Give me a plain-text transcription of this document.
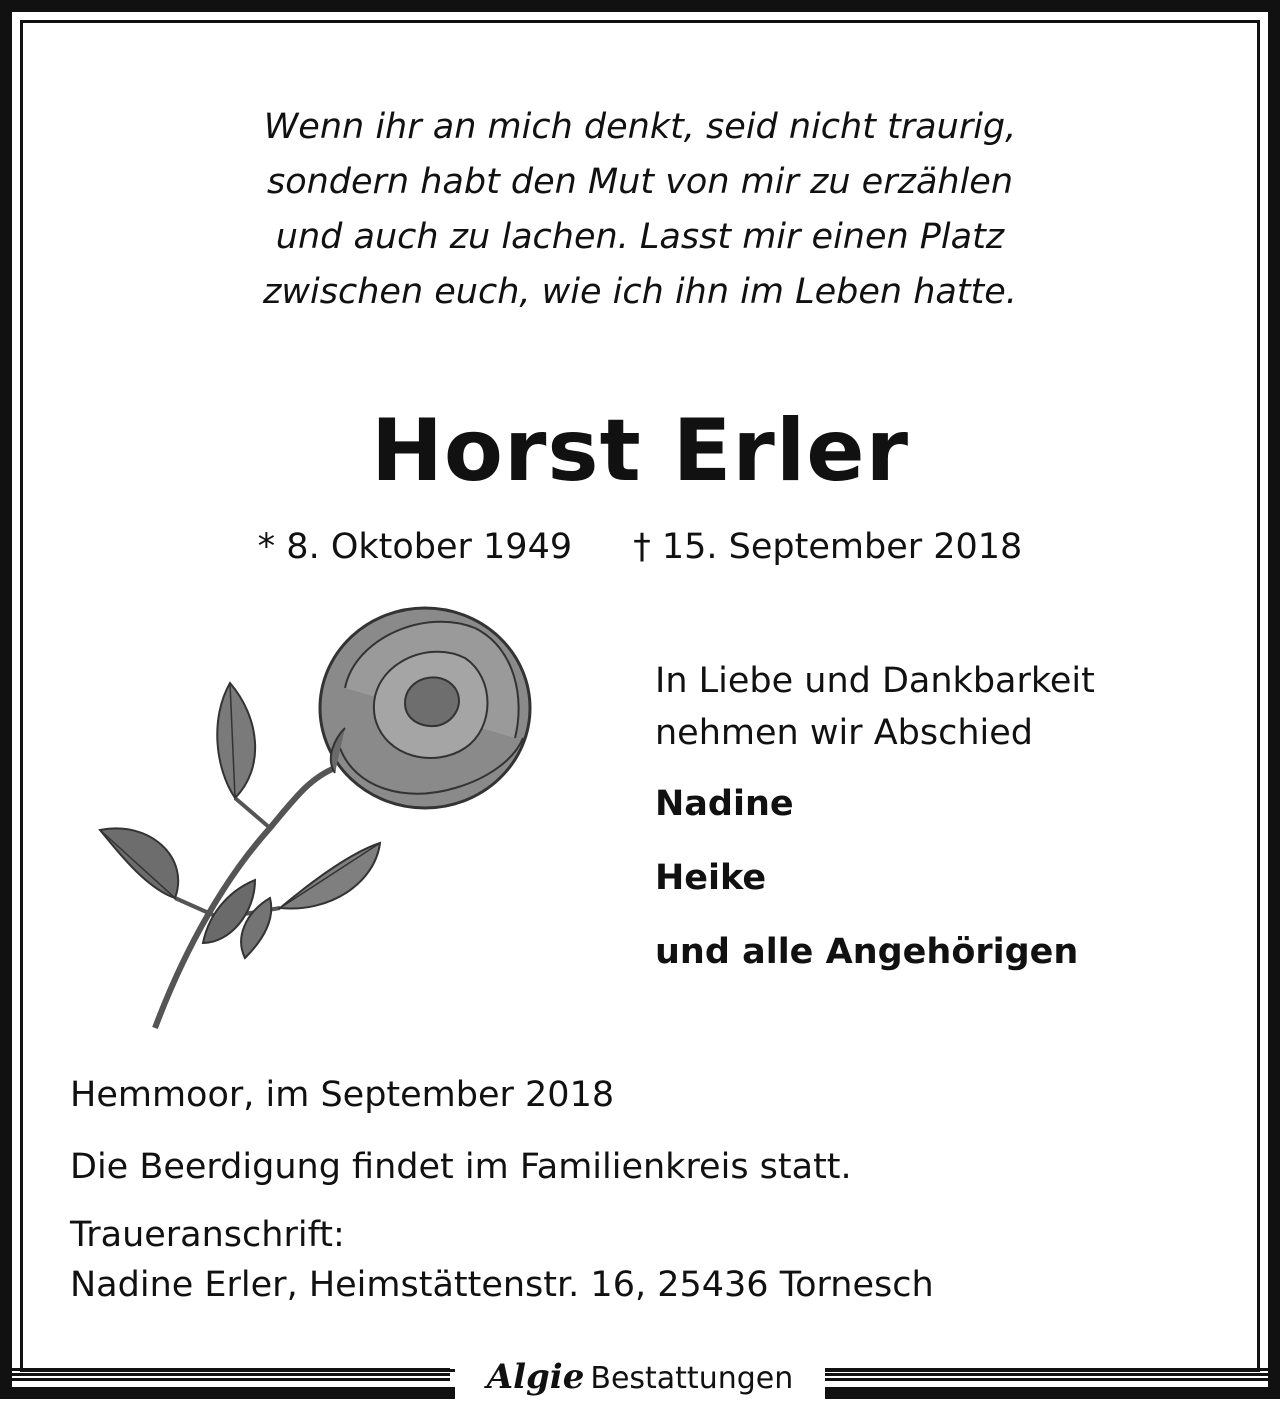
Wenn ihr an mich denkt, seid nicht traurig,
sondern habt den Mut von mir zu erzählen
und auch zu lachen. Lasst mir einen Platz
zwischen euch, wie ich ihn im Leben hatte.
Horst Erler
* 8. Oktober 1949 † 15. September 2018
In Liebe und Dankbarkeit
nehmen wir Abschied
Nadine
Heike
und alle Angehörigen
Hemmoor, im September 2018
Die Beerdigung findet im Familienkreis statt.
Traueranschrift:
Nadine Erler, Heimstättenstr. 16, 25436 Tornesch
Algie Bestattungen
